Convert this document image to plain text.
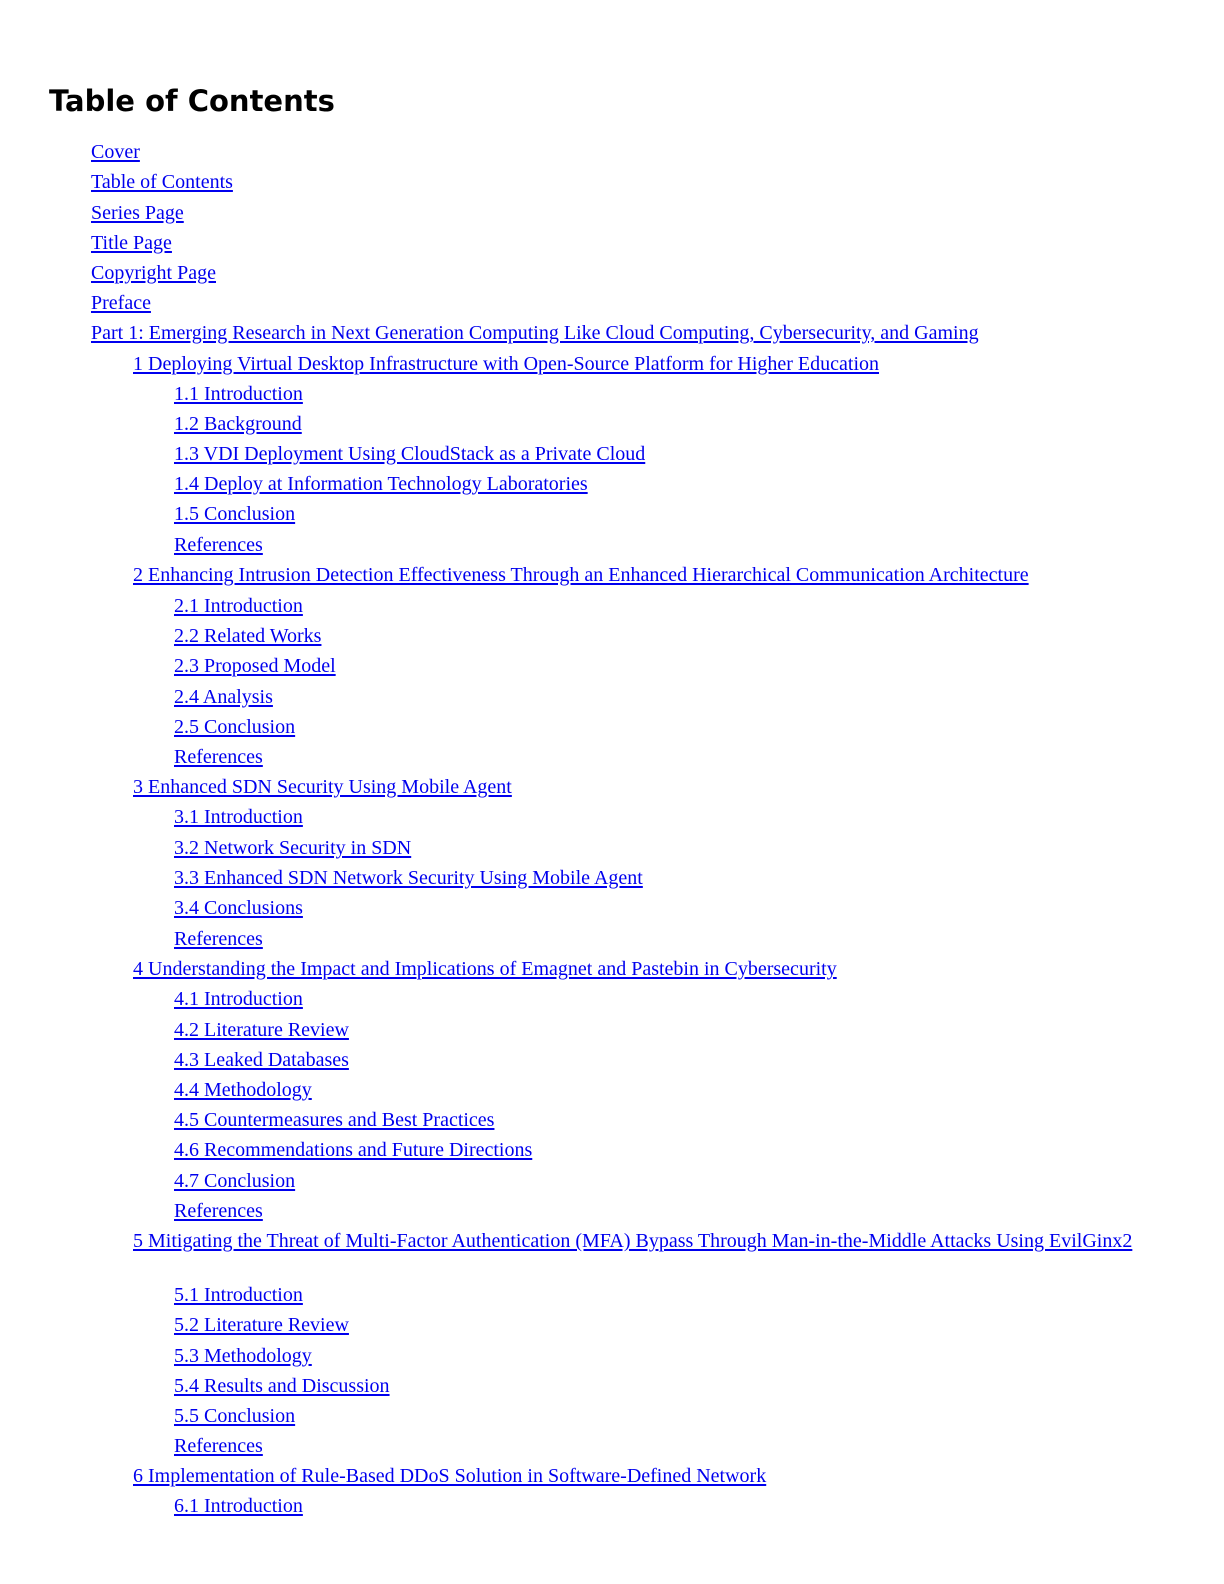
Table of Contents
Cover
Table of Contents
Series Page
Title Page
Copyright Page
Preface
Part 1: Emerging Research in Next Generation Computing Like Cloud Computing, Cybersecurity, and Gaming
1 Deploying Virtual Desktop Infrastructure with Open-Source Platform for Higher Education
1.1 Introduction
1.2 Background
1.3 VDI Deployment Using CloudStack as a Private Cloud
1.4 Deploy at Information Technology Laboratories
1.5 Conclusion
References
2 Enhancing Intrusion Detection Effectiveness Through an Enhanced Hierarchical Communication Architecture
2.1 Introduction
2.2 Related Works
2.3 Proposed Model
2.4 Analysis
2.5 Conclusion
References
3 Enhanced SDN Security Using Mobile Agent
3.1 Introduction
3.2 Network Security in SDN
3.3 Enhanced SDN Network Security Using Mobile Agent
3.4 Conclusions
References
4 Understanding the Impact and Implications of Emagnet and Pastebin in Cybersecurity
4.1 Introduction
4.2 Literature Review
4.3 Leaked Databases
4.4 Methodology
4.5 Countermeasures and Best Practices
4.6 Recommendations and Future Directions
4.7 Conclusion
References
5 Mitigating the Threat of Multi-Factor Authentication (MFA) Bypass Through Man-in-the-Middle Attacks Using EvilGinx2
5.1 Introduction
5.2 Literature Review
5.3 Methodology
5.4 Results and Discussion
5.5 Conclusion
References
6 Implementation of Rule-Based DDoS Solution in Software-Defined Network
6.1 Introduction
